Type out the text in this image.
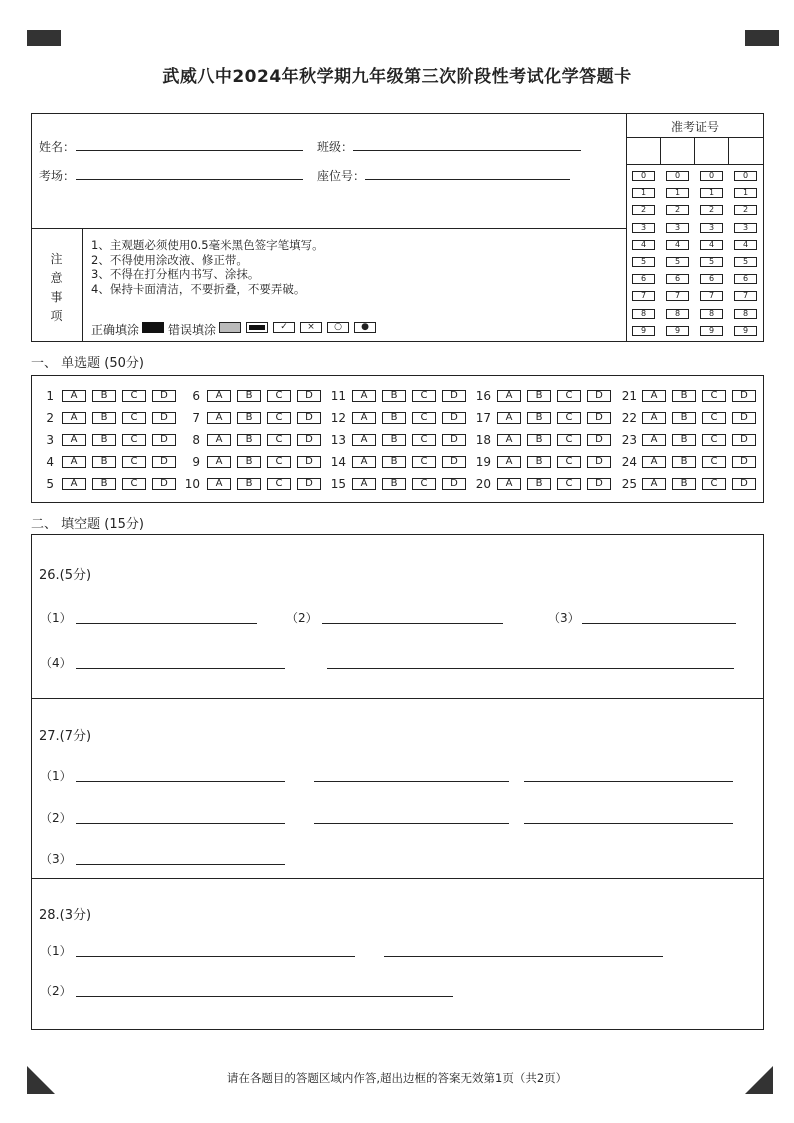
武威八中2024年秋学期九年级第三次阶段性考试化学答题卡
姓名：	班级：
考场：	座位号：
注
意
事
项
1、主观题必须使用0.5毫米黑色签字笔填写。
2、不得使用涂改液、修正带。
3、不得在打分框内书写、涂抹。
4、保持卡面清洁，不要折叠，不要弄破。
正确填涂 错误填涂	✓	×	○	●
准考证号
0	0	0	0
1	1	1	1
2	2	2	2
3	3	3	3
4	4	4	4
5	5	5	5
6	6	6	6
7	7	7	7
8	8	8	8
9	9	9	9
一、 单选题 (50分)
1	A	B	C	D
2	A	B	C	D
3	A	B	C	D
4	A	B	C	D
5	A	B	C	D
6	A	B	C	D
7	A	B	C	D
8	A	B	C	D
9	A	B	C	D
10	A	B	C	D
11	A	B	C	D
12	A	B	C	D
13	A	B	C	D
14	A	B	C	D
15	A	B	C	D
16	A	B	C	D
17	A	B	C	D
18	A	B	C	D
19	A	B	C	D
20	A	B	C	D
21	A	B	C	D
22	A	B	C	D
23	A	B	C	D
24	A	B	C	D
25	A	B	C	D
二、 填空题 (15分)
26.(5分)
（1）	（2）	（3）
（4）
27.(7分)
（1）
（2）
（3）
28.(3分)
（1）
（2）
请在各题目的答题区域内作答,超出边框的答案无效第1页（共2页）
